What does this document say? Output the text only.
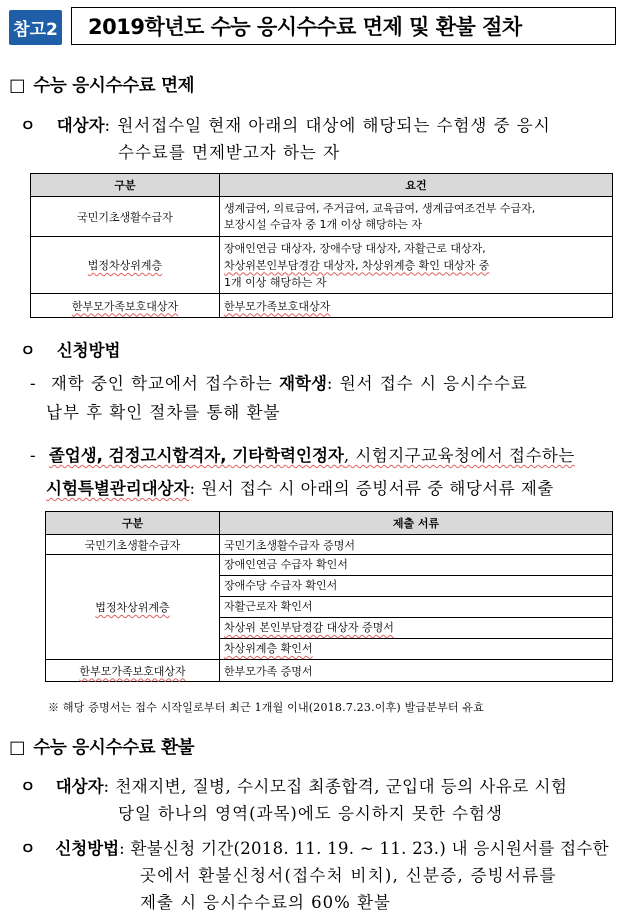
참고2 2019학년도 수능 응시수수료 면제 및 환불 절차
□ 수능 응시수수료 면제
ㅇ 대상자: 원서접수일 현재 아래의 대상에 해당되는 수험생 중 응시
수수료를 면제받고자 하는 자
구분	요건
국민기초생활수급자	생계급여, 의료급여, 주거급여, 교육급여, 생계급여조건부 수급자,
보장시설 수급자 중 1개 이상 해당하는 자

법정차상위계층	장애인연금 대상자, 장애수당 대상자, 자활근로 대상자,
차상위본인부담경감 대상자, 차상위계층 확인 대상자 중
1개 이상 해당하는 자

한부모가족보호대상자	한부모가족보호대상자
ㅇ 신청방법
- 재학 중인 학교에서 접수하는 재학생: 원서 접수 시 응시수수료
납부 후 확인 절차를 통해 환불
- 졸업생, 검정고시합격자, 기타학력인정자, 시험지구교육청에서 접수하는
시험특별관리대상자: 원서 접수 시 아래의 증빙서류 중 해당서류 제출
구분	제출 서류
국민기초생활수급자	국민기초생활수급자 증명서
법정차상위계층	장애인연금 수급자 확인서
장애수당 수급자 확인서
자활근로자 확인서
차상위 본인부담경감 대상자 증명서
차상위계층 확인서

한부모가족보호대상자	한부모가족 증명서
※ 해당 증명서는 접수 시작일로부터 최근 1개월 이내(2018.7.23.이후) 발급분부터 유효
□ 수능 응시수수료 환불
ㅇ 대상자: 천재지변, 질병, 수시모집 최종합격, 군입대 등의 사유로 시험
당일 하나의 영역(과목)에도 응시하지 못한 수험생
ㅇ 신청방법: 환불신청 기간(2018. 11. 19. ~ 11. 23.) 내 응시원서를 접수한
곳에서 환불신청서(접수처 비치), 신분증, 증빙서류를
제출 시 응시수수료의 60% 환불
